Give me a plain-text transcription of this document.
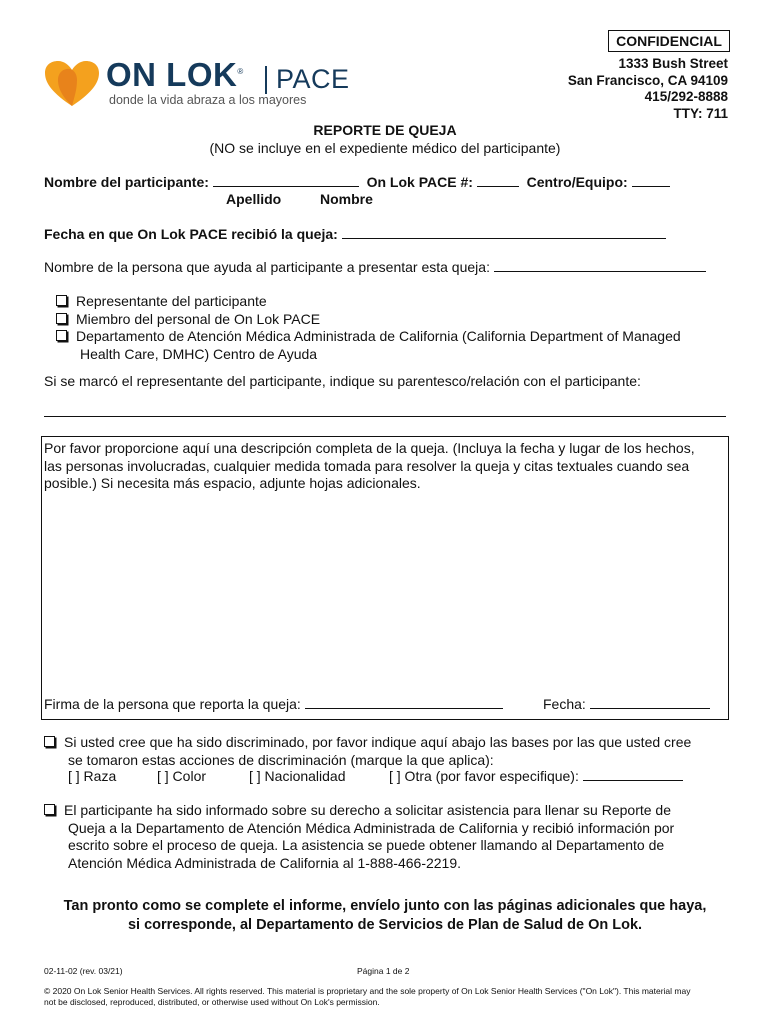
CONFIDENCIAL
1333 Bush Street
San Francisco, CA 94109
415/292-8888
TTY: 711
ON LOK® PACE
donde la vida abraza a los mayores
REPORTE DE QUEJA
(NO se incluye en el expediente médico del participante)
Nombre del participante:	On Lok PACE #:	Centro/Equipo:
Apellido	Nombre
Fecha en que On Lok PACE recibió la queja:
Nombre de la persona que ayuda al participante a presentar esta queja:
Representante del participante
Miembro del personal de On Lok PACE
Departamento de Atención Médica Administrada de California (California Department of Managed
Health Care, DMHC) Centro de Ayuda
Si se marcó el representante del participante, indique su parentesco/relación con el participante:
Por favor proporcione aquí una descripción completa de la queja. (Incluya la fecha y lugar de los hechos,
las personas involucradas, cualquier medida tomada para resolver la queja y citas textuales cuando sea
posible.) Si necesita más espacio, adjunte hojas adicionales.
Firma de la persona que reporta la queja:	Fecha:
Si usted cree que ha sido discriminado, por favor indique aquí abajo las bases por las que usted cree
se tomaron estas acciones de discriminación (marque la que aplica):
[ ] Raza	[ ] Color	[ ] Nacionalidad	[ ] Otra (por favor especifique):
El participante ha sido informado sobre su derecho a solicitar asistencia para llenar su Reporte de
Queja a la Departamento de Atención Médica Administrada de California y recibió información por
escrito sobre el proceso de queja. La asistencia se puede obtener llamando al Departamento de
Atención Médica Administrada de California al 1-888-466-2219.
Tan pronto como se complete el informe, envíelo junto con las páginas adicionales que haya,
si corresponde, al Departamento de Servicios de Plan de Salud de On Lok.
02-11-02 (rev. 03/21)	Página 1 de 2
© 2020 On Lok Senior Health Services. All rights reserved. This material is proprietary and the sole property of On Lok Senior Health Services ("On Lok"). This material may
not be disclosed, reproduced, distributed, or otherwise used without On Lok's permission.
